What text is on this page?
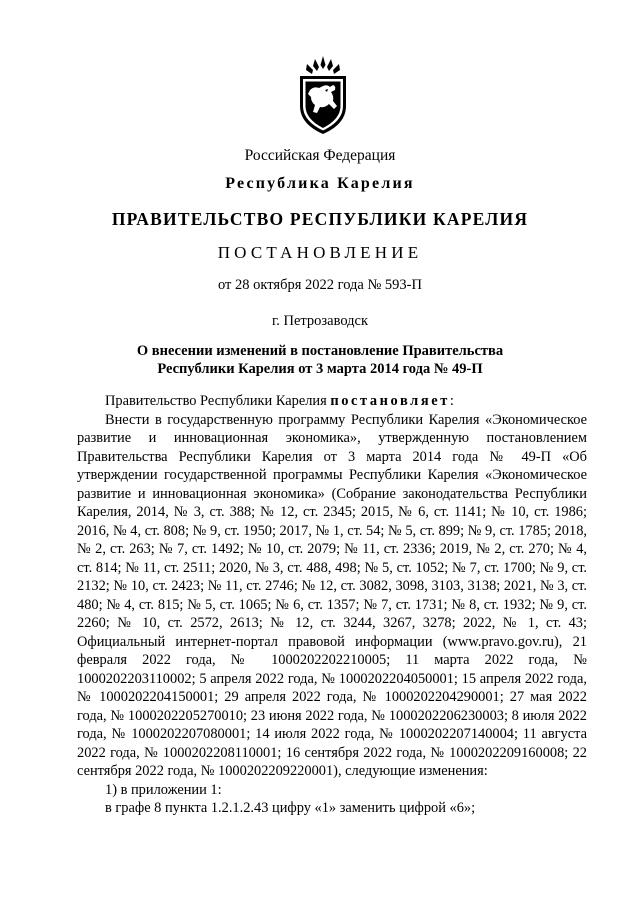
Российская Федерация
Республика Карелия
ПРАВИТЕЛЬСТВО РЕСПУБЛИКИ КАРЕЛИЯ
ПОСТАНОВЛЕНИЕ
от 28 октября 2022 года № 593-П
г. Петрозаводск
О внесении изменений в постановление Правительства
Республики Карелия от 3 марта 2014 года № 49-П

Правительство Республики Карелия постановляет:

Внести в государственную программу Республики Карелия «Экономическое развитие и инновационная экономика», утвержденную постановлением Правительства Республики Карелия от 3 марта 2014 года № 49-П «Об утверждении государственной программы Республики Карелия «Экономическое развитие и инновационная экономика» (Собрание законодательства Республики Карелия, 2014, № 3, ст. 388; № 12, ст. 2345; 2015, № 6, ст. 1141; № 10, ст. 1986; 2016, № 4, ст. 808; № 9, ст. 1950; 2017, № 1, ст. 54; № 5, ст. 899; № 9, ст. 1785; 2018, № 2, ст. 263; № 7, ст. 1492; № 10, ст. 2079; № 11, ст. 2336; 2019, № 2, ст. 270; № 4, ст. 814; № 11, ст. 2511; 2020, № 3, ст. 488, 498; № 5, ст. 1052; № 7, ст. 1700; № 9, ст. 2132; № 10, ст. 2423; № 11, ст. 2746; № 12, ст. 3082, 3098, 3103, 3138; 2021, № 3, ст. 480; № 4, ст. 815; № 5, ст. 1065; № 6, ст. 1357; № 7, ст. 1731; № 8, ст. 1932; № 9, ст. 2260; № 10, ст. 2572, 2613; № 12, ст. 3244, 3267, 3278; 2022, № 1, ст. 43; Официальный интернет-портал правовой информации (www.pravo.gov.ru), 21 февраля 2022 года, № 1000202202210005; 11 марта 2022 года, № 1000202203110002; 5 апреля 2022 года, № 1000202204050001; 15 апреля 2022 года, № 1000202204150001; 29 апреля 2022 года, № 1000202204290001; 27 мая 2022 года, № 1000202205270010; 23 июня 2022 года, № 1000202206230003; 8 июля 2022 года, № 1000202207080001; 14 июля 2022 года, № 1000202207140004; 11 августа 2022 года, № 1000202208110001; 16 сентября 2022 года, № 1000202209160008; 22 сентября 2022 года, № 1000202209220001), следующие изменения:

1) в приложении 1:

в графе 8 пункта 1.2.1.2.43 цифру «1» заменить цифрой «6»;
